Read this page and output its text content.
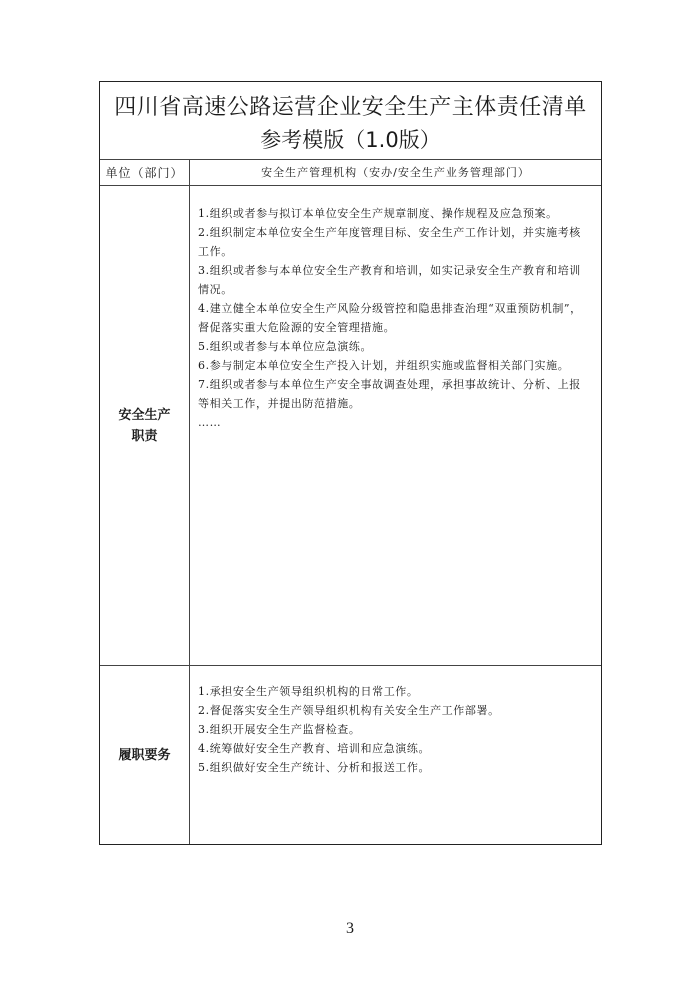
四川省高速公路运营企业安全生产主体责任清单
参考模版（1.0版）
单位（部门）	安全生产管理机构（安办/安全生产业务管理部门）
安全生产
职责
1.组织或者参与拟订本单位安全生产规章制度、操作规程及应急预案。
2.组织制定本单位安全生产年度管理目标、安全生产工作计划，并实施考核工作。
3.组织或者参与本单位安全生产教育和培训，如实记录安全生产教育和培训情况。
4.建立健全本单位安全生产风险分级管控和隐患排查治理“双重预防机制”，督促落实重大危险源的安全管理措施。
5.组织或者参与本单位应急演练。
6.参与制定本单位安全生产投入计划，并组织实施或监督相关部门实施。
7.组织或者参与本单位生产安全事故调查处理，承担事故统计、分析、上报等相关工作，并提出防范措施。
……
履职要务
1.承担安全生产领导组织机构的日常工作。
2.督促落实安全生产领导组织机构有关安全生产工作部署。
3.组织开展安全生产监督检查。
4.统筹做好安全生产教育、培训和应急演练。
5.组织做好安全生产统计、分析和报送工作。
3
